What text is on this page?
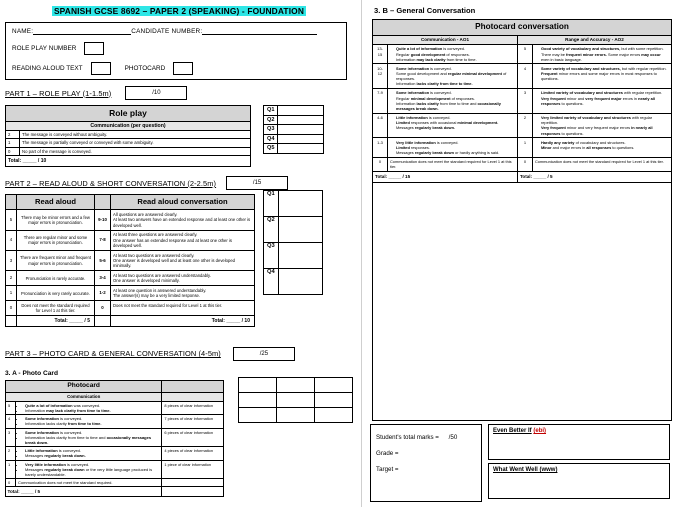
SPANISH GCSE 8692 – PAPER 2 (SPEAKING) - FOUNDATION
NAME:	CANDIDATE NUMBER:
ROLE PLAY NUMBER
READING ALOUD TEXT	PHOTOCARD
PART 1 – ROLE PLAY (1-1.5m)	/10
Role play	
Communication (per question)	
2	The message is conveyed without ambiguity.
1	The message is partially conveyed or conveyed with some ambiguity.
0	No part of the message is conveyed.
Total: _____ / 10	
Q1	
Q2	
Q3	
Q4	
Q5	
PART 2 – READ ALOUD & SHORT CONVERSATION (2-2.5m)	/15
	Read aloud		Read aloud conversation
5	There may be minor errors and a few major errors in pronunciation.	9-10	All questions are answered clearly.
At least two answers have an extended response and at least one other is developed well.
4	There are regular minor and some major errors in pronunciation.	7-8	At least three questions are answered clearly.
One answer has an extended response and at least one other is developed well.
3	There are frequent minor and frequent major errors in pronunciation.	5-6	At least two questions are answered clearly.
One answer is developed well and at least one other is developed minimally.
2	Pronunciation is rarely accurate.	3-4	At least two questions are answered understandably.
One answer is developed minimally.
1	Pronunciation is very rarely accurate.	1-2	At least one question is answered understandably.
The answer(s) may be a very limited response.
0	Does not meet the standard required for Level 1 at this tier.	0	Does not meet the standard required for Level 1 at this tier.
	Total: _____ / 5		Total: _____ / 10
Q1	
Q2	
Q3	
Q4	
PART 3 – PHOTO CARD & GENERAL CONVERSATION (4-5m)	/25
3. A - Photo Card
Photocard		
Communication		
5	
•Quite a lot of information was conveyed.
• Information may lack clarity from time to time.
	8 pieces of clear information
4	
•Some information is conveyed.
• Information lacks clarity from time to time.
	7 pieces of clear information
3	
•Some information is conveyed.
• Information lacks clarity from time to time and occasionally messages break down.
	6 pieces of clear information
2	
•Little information is conveyed.
• Messages regularly break down.
	4 pieces of clear information
1	
•Very little information is conveyed.
• Messages regularly break down or the very little language produced is barely understandable.
	1 piece of clear information
0	Communication does not meet the standard required.	
Total: _____ / 5		

3. B – General Conversation
Photocard conversation			
Communication - AO1		Range and Accuracy - AO2	
13-15	
• Quite a lot of information is conveyed.
• Regular good development of responses.
• Information may lack clarity from time to time.
	5	
•Good variety of vocabulary and structures, but with some repetition.
• There may be frequent minor errors. Some major errors may occur even in basic language.

10-12	
• Some information is conveyed.
• Some good development and regular minimal development of responses.
• Information lacks clarity from time to time.
	4	
•Some variety of vocabulary and structures, but with regular repetition.
• Frequent minor errors and some major errors in most responses to questions.

7-9	
•Some information is conveyed.
• Regular minimal development of responses.
• Information lacks clarity from time to time and occasionally messages break down.
	3	
•Limited variety of vocabulary and structures with regular repetition.
• Very frequent minor and very frequent major errors in nearly all responses to questions.

4-6	
•Little information is conveyed.
• Limited responses with occasional minimal development.
• Messages regularly break down.
	2	
•Very limited variety of vocabulary and structures with regular repetition.
• Very frequent minor and very frequent major errors in nearly all responses to questions.

1-3	
•Very little information is conveyed.
• Limited responses.
• Messages regularly break down or hardly anything is said.
	1	
•Hardly any variety of vocabulary and structures.
• Minor and major errors in all responses to questions.

0	Communication does not meet the standard required for Level 1 at this tier.	0	Communication does not meet the standard required for Level 1 at this tier.
Total: _____ / 15		Total: _____ / 5	
Student's total marks = /50
Grade =
Target =
Even Better If (ebi)
What Went Well (www)
